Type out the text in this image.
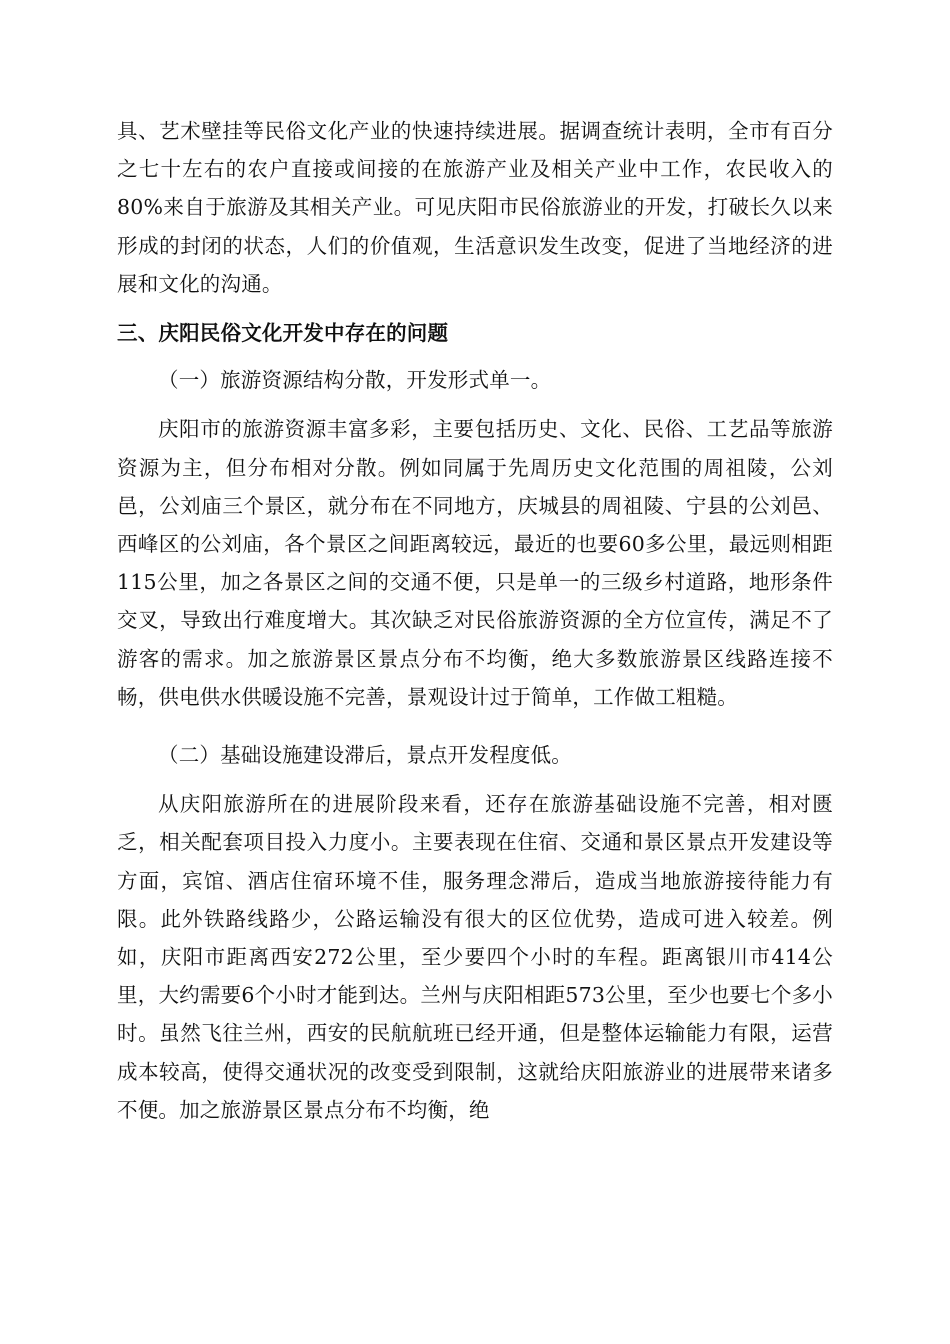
具、艺术壁挂等民俗文化产业的快速持续进展。据调查统计表明，全市有百分之七十左右的农户直接或间接的在旅游产业及相关产业中工作，农民收入的80%来自于旅游及其相关产业。可见庆阳市民俗旅游业的开发，打破长久以来形成的封闭的状态，人们的价值观，生活意识发生改变，促进了当地经济的进展和文化的沟通。

三、庆阳民俗文化开发中存在的问题

（一）旅游资源结构分散，开发形式单一。

庆阳市的旅游资源丰富多彩，主要包括历史、文化、民俗、工艺品等旅游资源为主，但分布相对分散。例如同属于先周历史文化范围的周祖陵，公刘邑，公刘庙三个景区，就分布在不同地方，庆城县的周祖陵、宁县的公刘邑、西峰区的公刘庙，各个景区之间距离较远，最近的也要60多公里，最远则相距115公里，加之各景区之间的交通不便，只是单一的三级乡村道路，地形条件交叉，导致出行难度增大。其次缺乏对民俗旅游资源的全方位宣传，满足不了游客的需求。加之旅游景区景点分布不均衡，绝大多数旅游景区线路连接不畅，供电供水供暖设施不完善，景观设计过于简单，工作做工粗糙。

（二）基础设施建设滞后，景点开发程度低。

从庆阳旅游所在的进展阶段来看，还存在旅游基础设施不完善，相对匮乏，相关配套项目投入力度小。主要表现在住宿、交通和景区景点开发建设等方面，宾馆、酒店住宿环境不佳，服务理念滞后，造成当地旅游接待能力有限。此外铁路线路少，公路运输没有很大的区位优势，造成可进入较差。例如，庆阳市距离西安272公里，至少要四个小时的车程。距离银川市414公里，大约需要6个小时才能到达。兰州与庆阳相距573公里，至少也要七个多小时。虽然飞往兰州，西安的民航航班已经开通，但是整体运输能力有限，运营成本较高，使得交通状况的改变受到限制，这就给庆阳旅游业的进展带来诸多不便。加之旅游景区景点分布不均衡，绝
